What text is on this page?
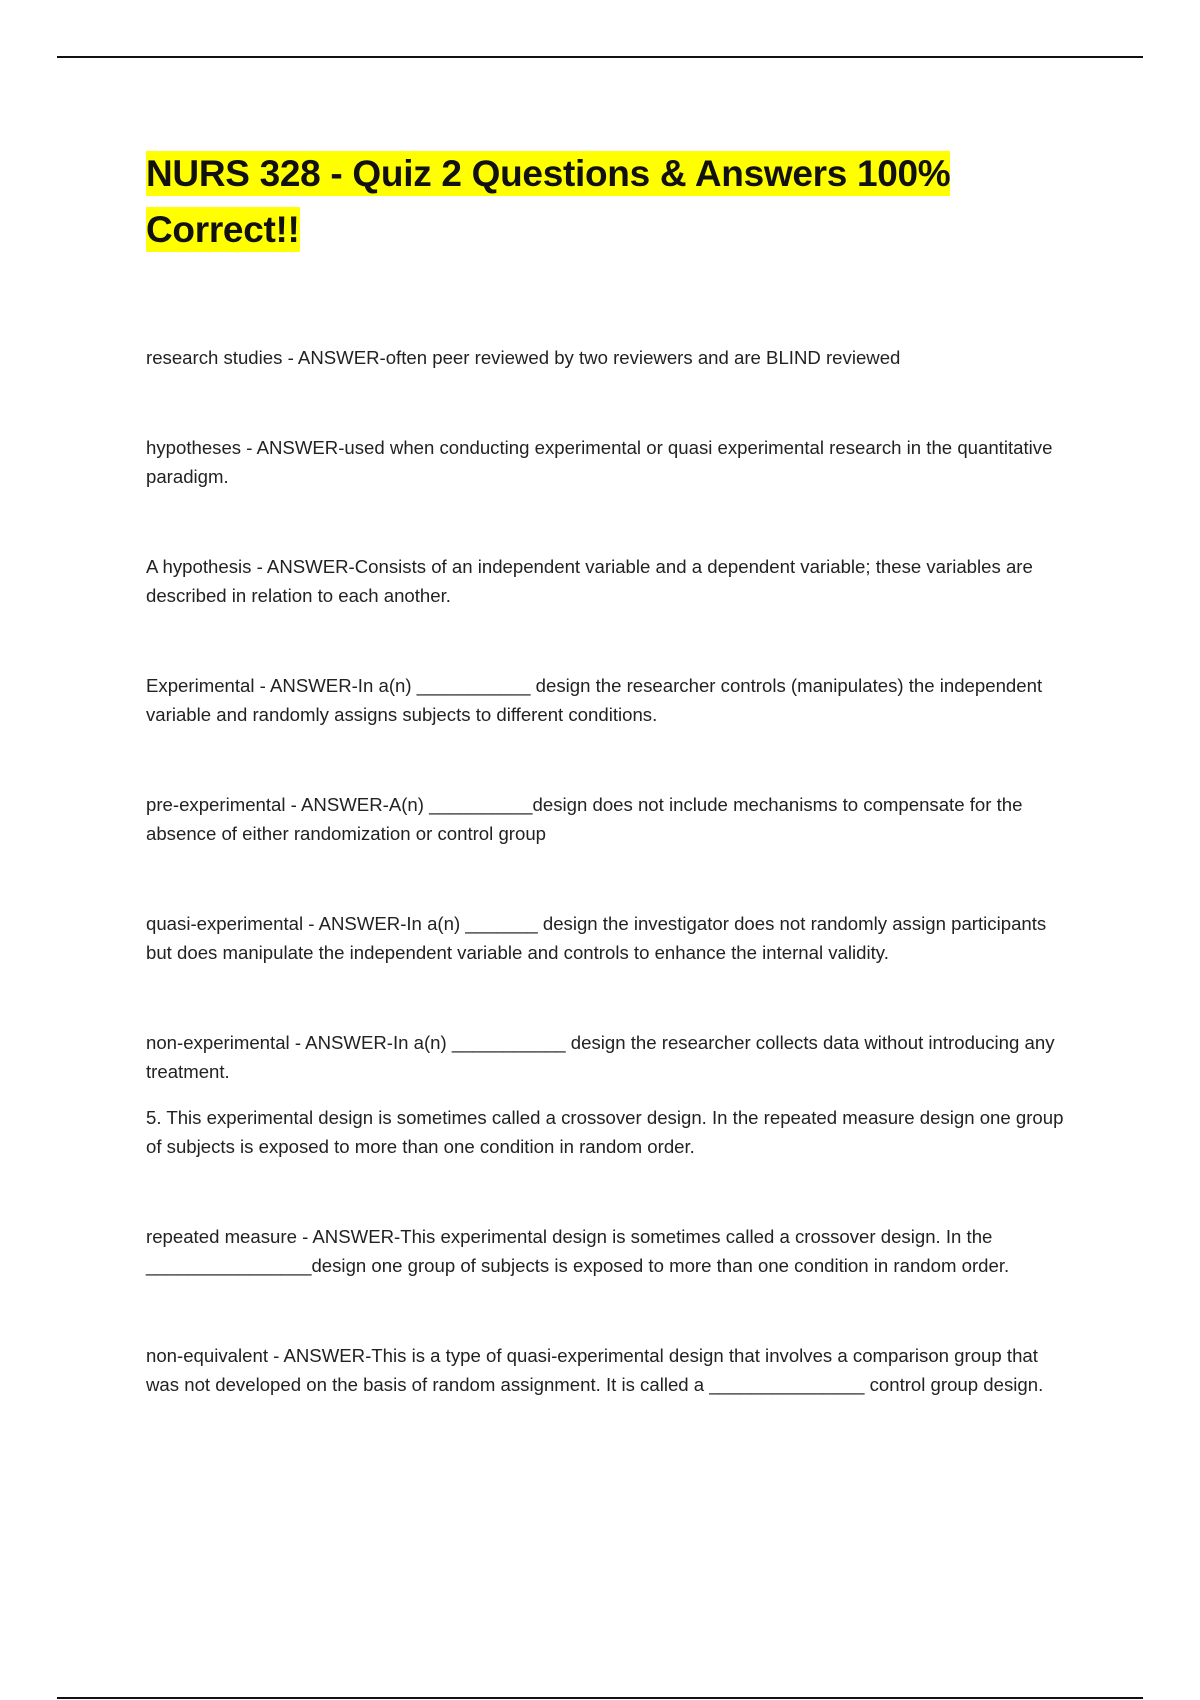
NURS 328 - Quiz 2 Questions & Answers 100% Correct!!

research studies - ANSWER-often peer reviewed by two reviewers and are BLIND reviewed

hypotheses - ANSWER-used when conducting experimental or quasi experimental research in the quantitative paradigm.

A hypothesis - ANSWER-Consists of an independent variable and a dependent variable; these variables are described in relation to each another.

Experimental - ANSWER-In a(n) ___________ design the researcher controls (manipulates) the independent variable and randomly assigns subjects to different conditions.

pre-experimental - ANSWER-A(n) __________design does not include mechanisms to compensate for the absence of either randomization or control group

quasi-experimental - ANSWER-In a(n) _______ design the investigator does not randomly assign participants but does manipulate the independent variable and controls to enhance the internal validity.

non-experimental - ANSWER-In a(n) ___________ design the researcher collects data without introducing any treatment.

5. This experimental design is sometimes called a crossover design. In the repeated measure design one group of subjects is exposed to more than one condition in random order.

repeated measure - ANSWER-This experimental design is sometimes called a crossover design. In the ________________design one group of subjects is exposed to more than one condition in random order.

non-equivalent - ANSWER-This is a type of quasi-experimental design that involves a comparison group that was not developed on the basis of random assignment. It is called a _______________ control group design.
